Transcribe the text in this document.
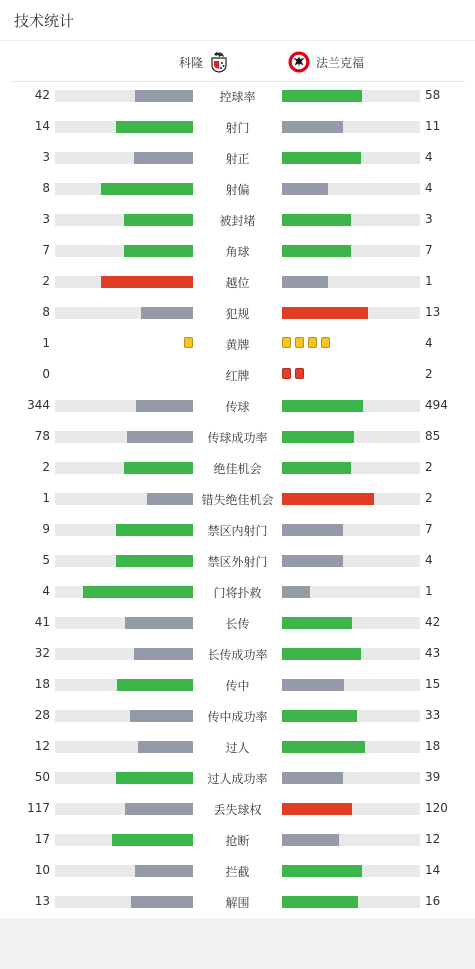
技术统计
科隆	法兰克福
42	控球率	58
14	射门	11
3	射正	4
8	射偏	4
3	被封堵	3
7	角球	7
2	越位	1
8	犯规	13
1	黄牌	4
0	红牌	2
344	传球	494
78	传球成功率	85
2	绝佳机会	2
1	错失绝佳机会	2
9	禁区内射门	7
5	禁区外射门	4
4	门将扑救	1
41	长传	42
32	长传成功率	43
18	传中	15
28	传中成功率	33
12	过人	18
50	过人成功率	39
117	丢失球权	120
17	抢断	12
10	拦截	14
13	解围	16
